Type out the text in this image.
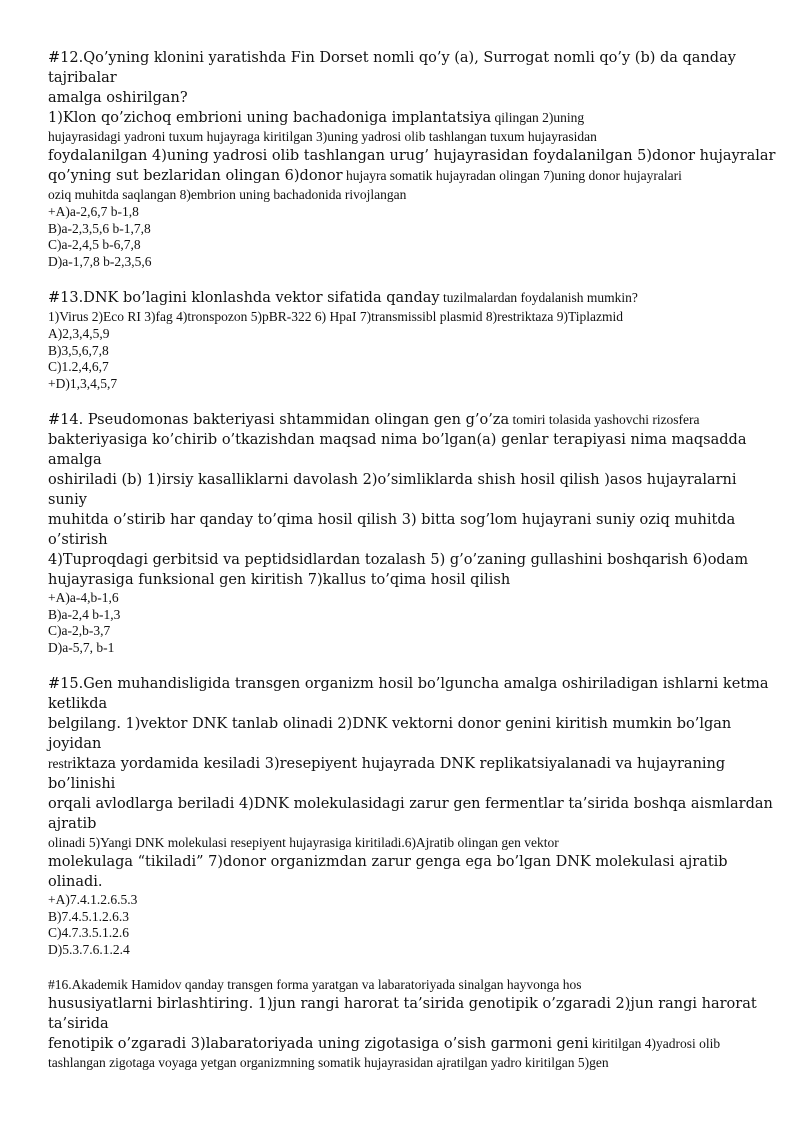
#12.Qo’yning klonini yaratishda Fin Dorset nomli qo’y (a), Surrogat nomli qo’y (b) da qanday
tajribalar
amalga oshirilgan?
1)Klon qo’zichoq embrioni uning bachadoniga implantatsiya qilingan 2)uning
hujayrasidagi yadroni tuxum hujayraga kiritilgan 3)uning yadrosi olib tashlangan tuxum hujayrasidan
foydalanilgan 4)uning yadrosi olib tashlangan urug’ hujayrasidan foydalanilgan 5)donor hujayralar
qo’yning sut bezlaridan olingan 6)donor hujayra somatik hujayradan olingan 7)uning donor hujayralari
oziq muhitda saqlangan 8)embrion uning bachadonida rivojlangan
+A)a-2,6,7 b-1,8
B)a-2,3,5,6 b-1,7,8
C)a-2,4,5 b-6,7,8
D)a-1,7,8 b-2,3,5,6
#13.DNK bo’lagini klonlashda vektor sifatida qanday tuzilmalardan foydalanish mumkin?
1)Virus 2)Eco RI 3)fag 4)tronspozon 5)pBR-322 6) HpaI 7)transmissibl plasmid 8)restriktaza 9)Tiplazmid
A)2,3,4,5,9
B)3,5,6,7,8
C)1.2,4,6,7
+D)1,3,4,5,7
#14. Pseudomonas bakteriyasi shtammidan olingan gen g’o’za tomiri tolasida yashovchi rizosfera
bakteriyasiga ko’chirib o’tkazishdan maqsad nima bo’lgan(a) genlar terapiyasi nima maqsadda
amalga
oshiriladi (b) 1)irsiy kasalliklarni davolash 2)o’simliklarda shish hosil qilish )asos hujayralarni
suniy
muhitda o’stirib har qanday to’qima hosil qilish 3) bitta sog’lom hujayrani suniy oziq muhitda
o’stirish
4)Tuproqdagi gerbitsid va peptidsidlardan tozalash 5) g’o’zaning gullashini boshqarish 6)odam
hujayrasiga funksional gen kiritish 7)kallus to’qima hosil qilish
+A)a-4,b-1,6
B)a-2,4 b-1,3
C)a-2,b-3,7
D)a-5,7, b-1
#15.Gen muhandisligida transgen organizm hosil bo’lguncha amalga oshiriladigan ishlarni ketma
ketlikda
belgilang. 1)vektor DNK tanlab olinadi 2)DNK vektorni donor genini kiritish mumkin bo’lgan
joyidan
restriktaza yordamida kesiladi 3)resepiyent hujayrada DNK replikatsiyalanadi va hujayraning
bo’linishi
orqali avlodlarga beriladi 4)DNK molekulasidagi zarur gen fermentlar ta’sirida boshqa aismlardan
ajratib
olinadi 5)Yangi DNK molekulasi resepiyent hujayrasiga kiritiladi.6)Ajratib olingan gen vektor
molekulaga “tikiladi” 7)donor organizmdan zarur genga ega bo’lgan DNK molekulasi ajratib
olinadi.
+A)7.4.1.2.6.5.3
B)7.4.5.1.2.6.3
C)4.7.3.5.1.2.6
D)5.3.7.6.1.2.4
#16.Akademik Hamidov qanday transgen forma yaratgan va labaratoriyada sinalgan hayvonga hos
hususiyatlarni birlashtiring. 1)jun rangi harorat ta’sirida genotipik o’zgaradi 2)jun rangi harorat
ta’sirida
fenotipik o’zgaradi 3)labaratoriyada uning zigotasiga o’sish garmoni geni kiritilgan 4)yadrosi olib
tashlangan zigotaga voyaga yetgan organizmning somatik hujayrasidan ajratilgan yadro kiritilgan 5)gen
